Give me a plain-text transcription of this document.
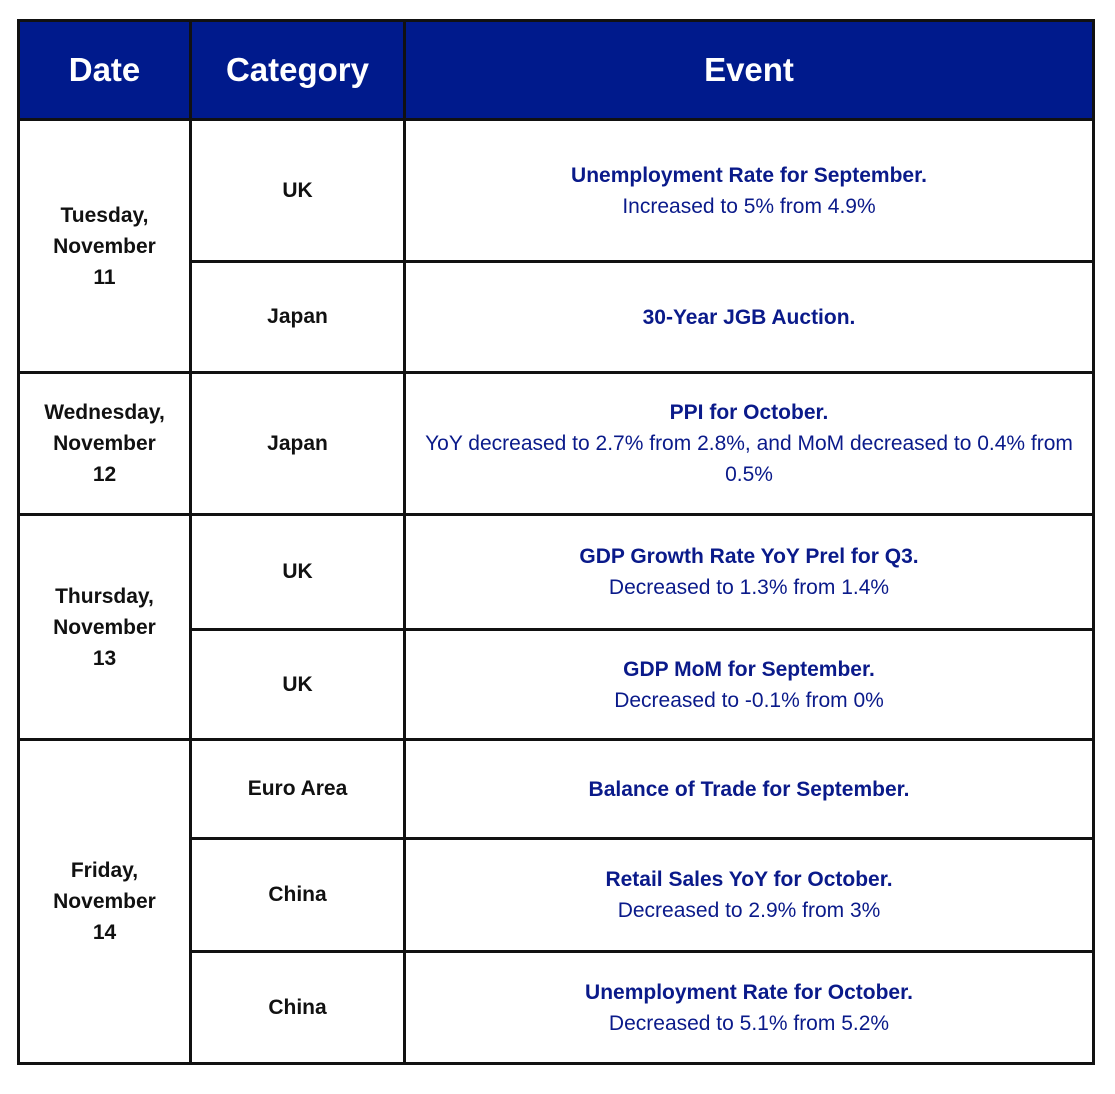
Date	Category	Event

Tuesday,
November
11	UK	Unemployment Rate for September.
Increased to 5% from 4.9%

	Japan	30-Year JGB Auction.

Wednesday,
November
12	Japan	PPI for October.
YoY decreased to 2.7% from 2.8%, and MoM decreased to 0.4% from 0.5%

Thursday,
November
13	UK	GDP Growth Rate YoY Prel for Q3.
Decreased to 1.3% from 1.4%

	UK	GDP MoM for September.
Decreased to -0.1% from 0%

Friday,
November
14	Euro Area	Balance of Trade for September.

	China	Retail Sales YoY for October.
Decreased to 2.9% from 3%

	China	Unemployment Rate for October.
Decreased to 5.1% from 5.2%
